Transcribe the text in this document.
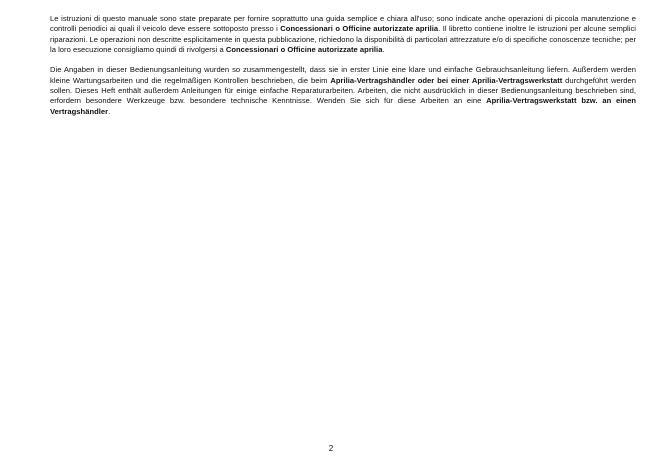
Le istruzioni di questo manuale sono state preparate per fornire soprattutto una guida semplice e chiara all'uso; sono indicate anche operazioni di piccola manutenzione e controlli periodici ai quali il veicolo deve essere sottoposto presso i Concessionari o Officine autorizzate aprilia. Il libretto contiene inoltre le istruzioni per alcune semplici riparazioni. Le operazioni non descritte esplicitamente in questa pubblicazione, richiedono la disponibilità di particolari attrezzature e/o di specifiche conoscenze tecniche; per la loro esecuzione consigliamo quindi di rivolgersi a Concessionari o Officine autorizzate aprilia.

Die Angaben in dieser Bedienungsanleitung wurden so zusammengestellt, dass sie in erster Linie eine klare und einfache Gebrauchsanleitung liefern. Außerdem werden kleine Wartungsarbeiten und die regelmäßigen Kontrollen beschrieben, die beim Aprilia-Vertragshändler oder bei einer Aprilia-Vertragswerkstatt durchgeführt werden sollen. Dieses Heft enthält außerdem Anleitungen für einige einfache Reparaturarbeiten. Arbeiten, die nicht ausdrücklich in dieser Bedienungsanleitung beschrieben sind, erfordern besondere Werkzeuge bzw. besondere technische Kenntnisse. Wenden Sie sich für diese Arbeiten an eine Aprilia-Vertragswerkstatt bzw. an einen Vertragshändler.

2
